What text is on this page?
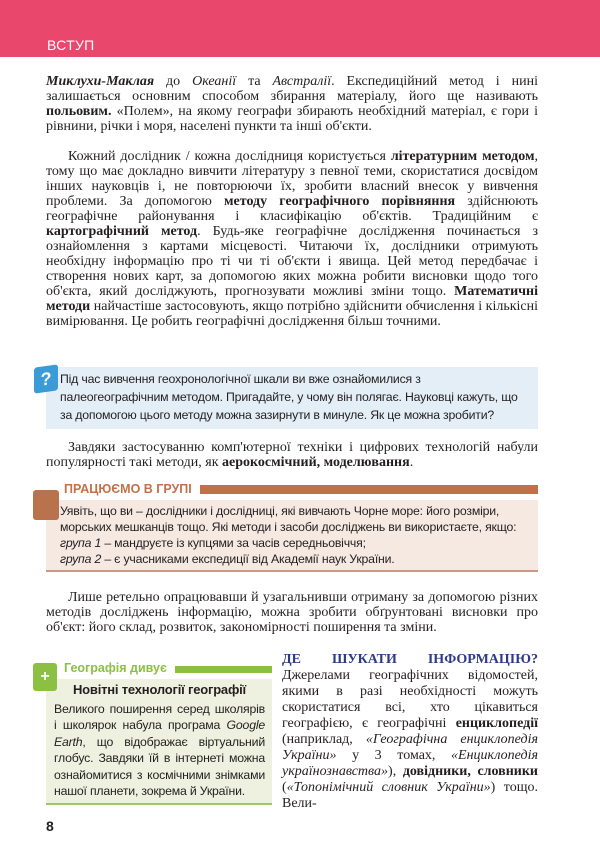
ВСТУП
Миклухи-Маклая до Океанії та Австралії. Експедиційний метод і нині залишається основним способом збирання матеріалу, його ще називають польовим. «Полем», на якому географи збирають необхідний матеріал, є гори і рівнини, річки і моря, населені пункти та інші об'єкти.
Кожний дослідник / кожна дослідниця користується літературним методом, тому що має докладно вивчити літературу з певної теми, скористатися досвідом інших науковців і, не повторюючи їх, зробити власний внесок у вивчення проблеми. За допомогою методу географічного порівняння здійснюють географічне районування і класифікацію об'єктів. Традиційним є картографічний метод. Будь-яке географічне дослідження починається з ознайомлення з картами місцевості. Читаючи їх, дослідники отримують необхідну інформацію про ті чи ті об'єкти і явища. Цей метод передбачає і створення нових карт, за допомогою яких можна робити висновки щодо того об'єкта, який досліджують, прогнозувати можливі зміни тощо. Математичні методи найчастіше застосовують, якщо потрібно здійснити обчислення і кількісні вимірювання. Це робить географічні дослідження більш точними.
Під час вивчення геохронологічної шкали ви вже ознайомилися з палеогеографічним методом. Пригадайте, у чому він полягає. Науковці кажуть, що за допомогою цього методу можна зазирнути в минуле. Як це можна зробити?
?
Завдяки застосуванню комп'ютерної техніки і цифрових технологій набули популярності такі методи, як аерокосмічний, моделювання.
ПРАЦЮЄМО В ГРУПІ
Уявіть, що ви – дослідники і дослідниці, які вивчають Чорне море: його розміри, морських мешканців тощо. Які методи і засоби досліджень ви використаєте, якщо:
група 1 – мандруєте із купцями за часів середньовіччя;
група 2 – є учасниками експедиції від Академії наук України.
Лише ретельно опрацювавши й узагальнивши отриману за допомогою різних методів досліджень інформацію, можна зробити обґрунтовані висновки про об'єкт: його склад, розвиток, закономірності поширення та зміни.
Географія дивує
Новітні технології географії

Великого поширення серед школярів і школярок набула програма Google Earth, що відображає віртуальний глобус. Завдяки їй в інтернеті можна ознайомитися з космічними знімками нашої планети, зокрема й України.

+
ДЕ ШУКАТИ ІНФОРМАЦІЮ? Джерелами географічних відомостей, якими в разі необхідності можуть скористатися всі, хто цікавиться географією, є географічні енциклопедії (наприклад, «Географічна енциклопедія України» у 3 томах, «Енциклопедія українознавства»), довідники, словники («Топонімічний словник України») тощо. Вели-
8
